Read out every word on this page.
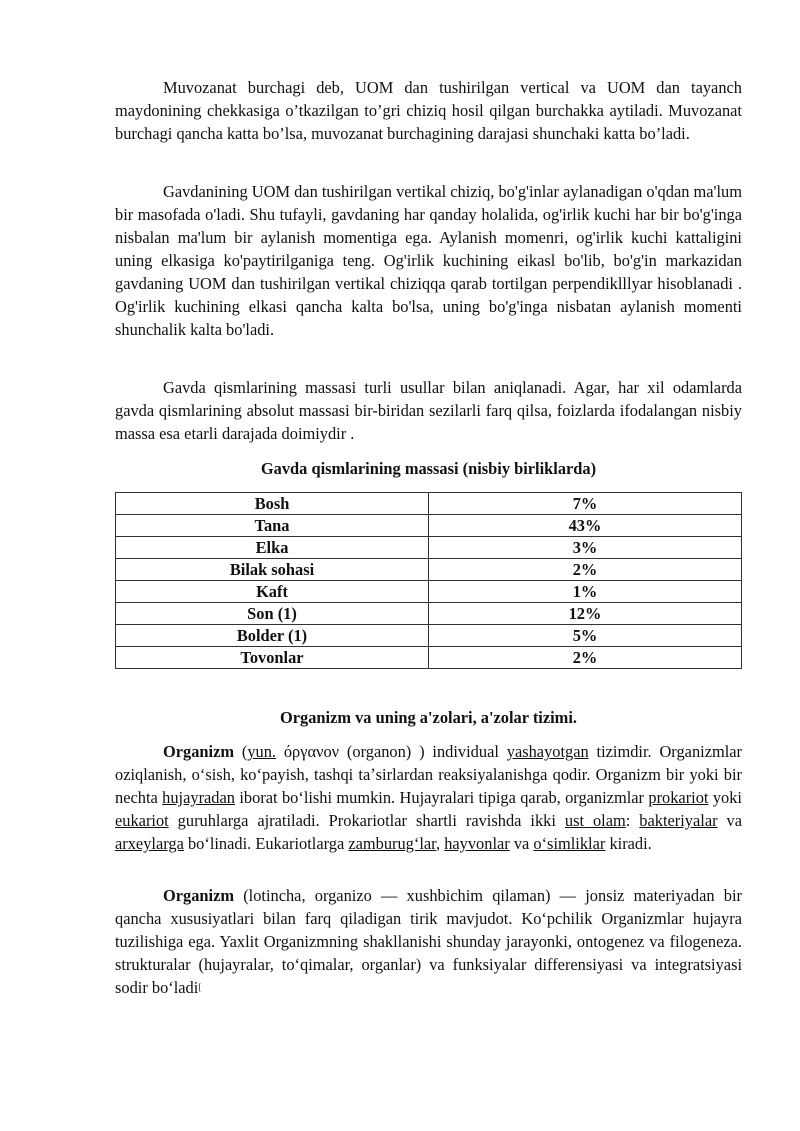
Muvozanat burchagi deb, UOM dan tushirilgan vertical va UOM dan tayanch maydonining chekkasiga o’tkazilgan to’gri chiziq hosil qilgan burchakka aytiladi. Muvozanat burchagi qancha katta bo’lsa, muvozanat burchagining darajasi shunchaki katta bo’ladi.

Gavdanining UOM dan tushirilgan vertikal chiziq, bo'g'inlar aylanadigan o'qdan ma'lum bir masofada o'ladi. Shu tufayli, gavdaning har qanday holalida, og'irlik kuchi har bir bo'g'inga nisbalan ma'lum bir aylanish momentiga ega. Aylanish momenri, og'irlik kuchi kattaligini uning elkasiga ko'paytirilganiga teng. Og'irlik kuchining eikasl bo'lib, bo'g'in markazidan gavdaning UOM dan tushirilgan vertikal chiziqqa qarab tortilgan perpendiklllyar hisoblanadi . Og'irlik kuchining elkasi qancha kalta bo'lsa, uning bo'g'inga nisbatan aylanish momenti shunchalik kalta bo'ladi.

Gavda qismlarining massasi turli usullar bilan aniqlanadi. Agar, har xil odamlarda gavda qismlarining absolut massasi bir-biridan sezilarli farq qilsa, foizlarda ifodalangan nisbiy massa esa etarli darajada doimiydir .

Gavda qismlarining massasi (nisbiy birliklarda)

Bosh	7%
Tana	43%
Elka	3%
Bilak sohasi	2%
Kaft	1%
Son (1)	12%
Bolder (1)	5%
Tovonlar	2%

Organizm va uning a'zolari, a'zolar tizimi.

Organizm (yun. όργανον (organon) ) individual yashayotgan tizimdir. Organizmlar oziqlanish, oʻsish, koʻpayish, tashqi taʼsirlardan reaksiyalanishga qodir. Organizm bir yoki bir nechta hujayradan iborat boʻlishi mumkin. Hujayralari tipiga qarab, organizmlar prokariot yoki eukariot guruhlarga ajratiladi. Prokariotlar shartli ravishda ikki ust olam: bakteriyalar va arxeylarga boʻlinadi. Eukariotlarga zamburugʻlar, hayvonlar va oʻsimliklar kiradi.

Organizm (lotincha, organizo — xushbichim qilaman) — jonsiz materiyadan bir qancha xususiyatlari bilan farq qiladigan tirik mavjudot. Koʻpchilik Organizmlar hujayra tuzilishiga ega. Yaxlit Organizmning shakllanishi shunday jarayonki, ontogenez va filogeneza. strukturalar (hujayralar, toʻqimalar, organlar) va funksiyalar differensiyasi va integratsiyasi sodir boʻladi[
